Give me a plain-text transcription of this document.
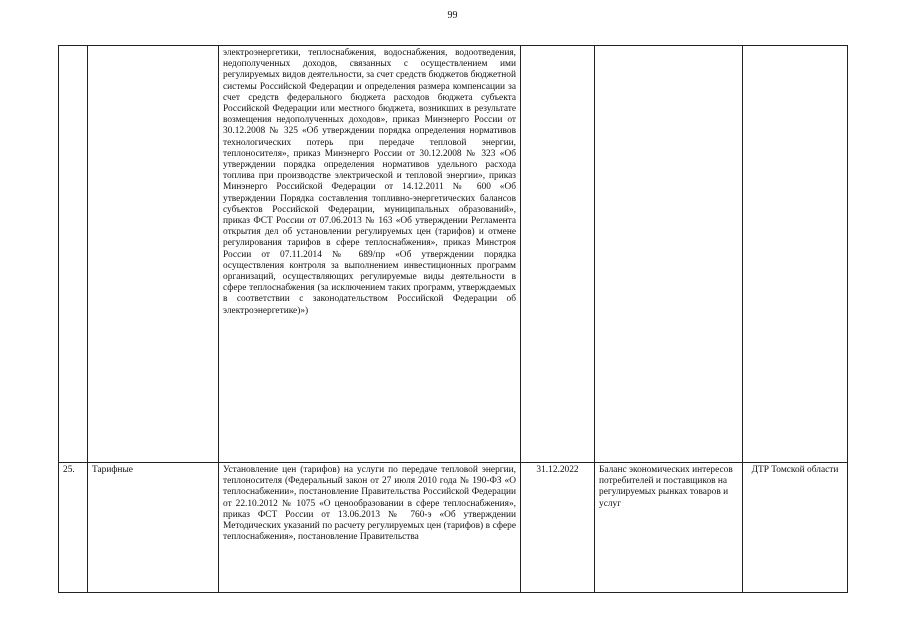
99
		электроэнергетики, теплоснабжения, водоснабжения, водоотведения, недополученных доходов, связанных с осуществлением ими регулируемых видов деятельности, за счет средств бюджетов бюджетной системы Российской Федерации и определения размера компенсации за счет средств федерального бюджета расходов бюджета субъекта Российской Федерации или местного бюджета, возникших в результате возмещения недополученных доходов», приказ Минэнерго России от 30.12.2008 № 325 «Об утверждении порядка определения нормативов технологических потерь при передаче тепловой энергии, теплоносителя», приказ Минэнерго России от 30.12.2008 № 323 «Об утверждении порядка определения нормативов удельного расхода топлива при производстве электрической и тепловой энергии», приказ Минэнерго Российской Федерации от 14.12.2011 № 600 «Об утверждении Порядка составления топливно-энергетических балансов субъектов Российской Федерации, муниципальных образований», приказ ФСТ России от 07.06.2013 № 163 «Об утверждении Регламента открытия дел об установлении регулируемых цен (тарифов) и отмене регулирования тарифов в сфере теплоснабжения», приказ Минстроя России от 07.11.2014 № 689/пр «Об утверждении порядка осуществления контроля за выполнением инвестиционных программ организаций, осуществляющих регулируемые виды деятельности в сфере теплоснабжения (за исключением таких программ, утверждаемых в соответствии с законодательством Российской Федерации об электроэнергетике)»)			
25.	Тарифные	Установление цен (тарифов) на услуги по передаче тепловой энергии, теплоносителя (Федеральный закон от 27 июля 2010 года № 190-ФЗ «О теплоснабжении», постановление Правительства Российской Федерации от 22.10.2012 № 1075 «О ценообразовании в сфере теплоснабжения», приказ ФСТ России от 13.06.2013 № 760-э «Об утверждении Методических указаний по расчету регулируемых цен (тарифов) в сфере теплоснабжения», постановление Правительства	31.12.2022	Баланс экономических интересов потребителей и поставщиков на регулируемых рынках товаров и услуг	ДТР Томской области
